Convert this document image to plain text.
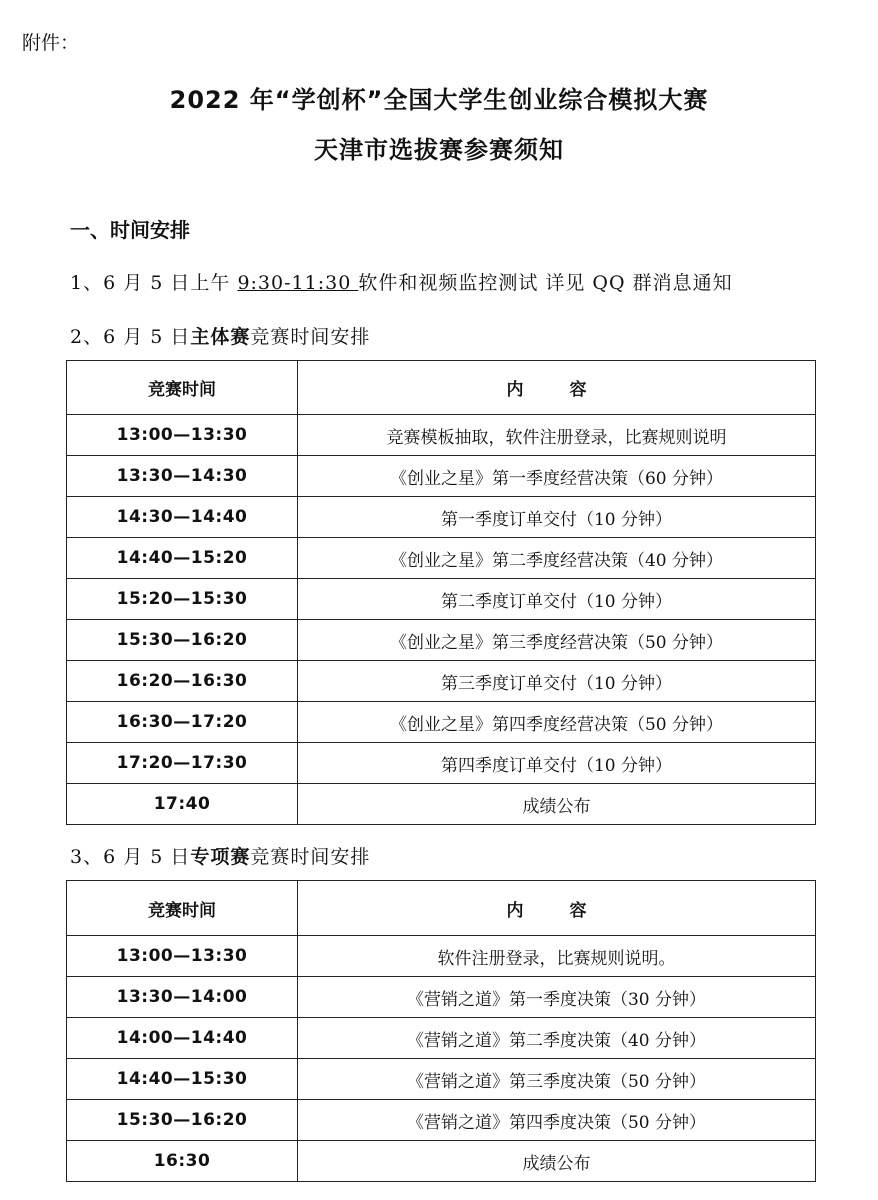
附件：
2022 年“学创杯”全国大学生创业综合模拟大赛
天津市选拔赛参赛须知
一、时间安排
1、6 月 5 日上午 9:30-11:30 软件和视频监控测试 详见 QQ 群消息通知
2、6 月 5 日主体赛竞赛时间安排
竞赛时间	内 容
13:00—13:30	竞赛模板抽取，软件注册登录，比赛规则说明
13:30—14:30	《创业之星》第一季度经营决策（60 分钟）
14:30—14:40	第一季度订单交付（10 分钟）
14:40—15:20	《创业之星》第二季度经营决策（40 分钟）
15:20—15:30	第二季度订单交付（10 分钟）
15:30—16:20	《创业之星》第三季度经营决策（50 分钟）
16:20—16:30	第三季度订单交付（10 分钟）
16:30—17:20	《创业之星》第四季度经营决策（50 分钟）
17:20—17:30	第四季度订单交付（10 分钟）
17:40	成绩公布
3、6 月 5 日专项赛竞赛时间安排
竞赛时间	内 容
13:00—13:30	软件注册登录，比赛规则说明。
13:30—14:00	《营销之道》第一季度决策（30 分钟）
14:00—14:40	《营销之道》第二季度决策（40 分钟）
14:40—15:30	《营销之道》第三季度决策（50 分钟）
15:30—16:20	《营销之道》第四季度决策（50 分钟）
16:30	成绩公布
